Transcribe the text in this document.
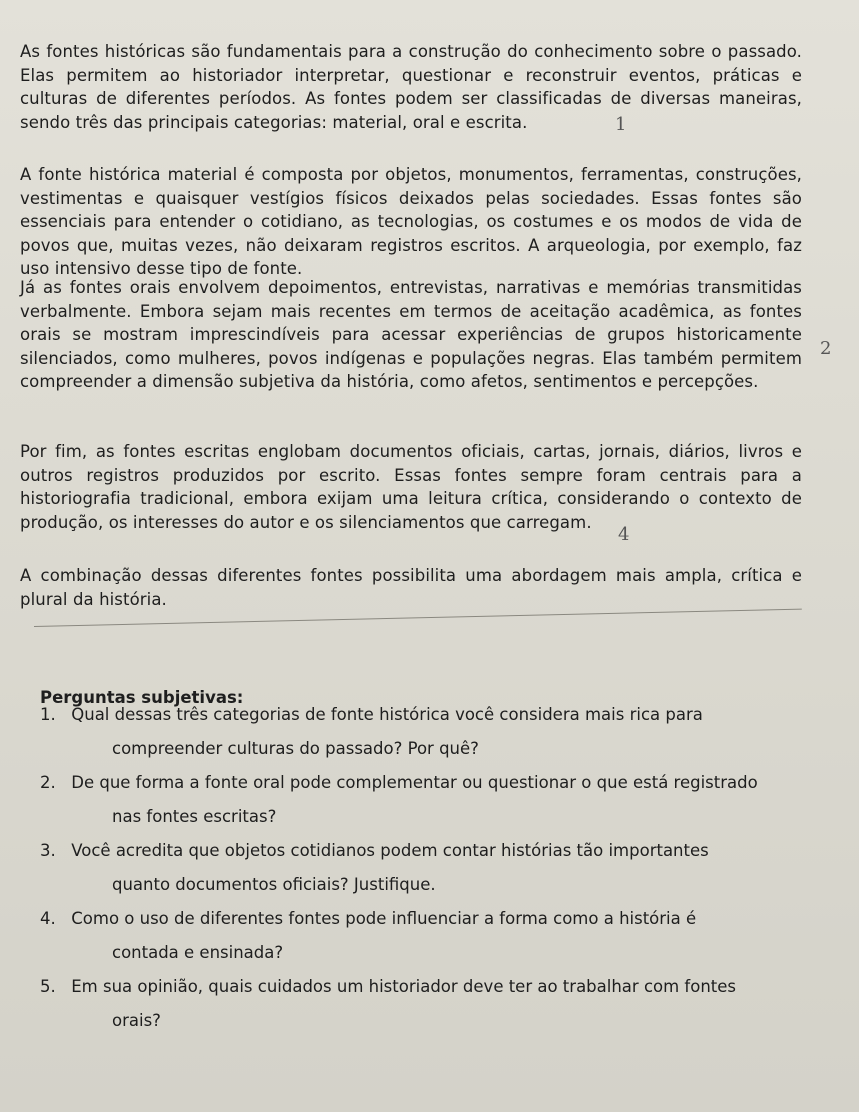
As fontes históricas são fundamentais para a construção do conhecimento sobre o passado. Elas permitem ao historiador interpretar, questionar e reconstruir eventos, práticas e culturas de diferentes períodos. As fontes podem ser classificadas de diversas maneiras, sendo três das principais categorias: material, oral e escrita.

A fonte histórica material é composta por objetos, monumentos, ferramentas, construções, vestimentas e quaisquer vestígios físicos deixados pelas sociedades. Essas fontes são essenciais para entender o cotidiano, as tecnologias, os costumes e os modos de vida de povos que, muitas vezes, não deixaram registros escritos. A arqueologia, por exemplo, faz uso intensivo desse tipo de fonte.

Já as fontes orais envolvem depoimentos, entrevistas, narrativas e memórias transmitidas verbalmente. Embora sejam mais recentes em termos de aceitação acadêmica, as fontes orais se mostram imprescindíveis para acessar experiências de grupos historicamente silenciados, como mulheres, povos indígenas e populações negras. Elas também permitem compreender a dimensão subjetiva da história, como afetos, sentimentos e percepções.

Por fim, as fontes escritas englobam documentos oficiais, cartas, jornais, diários, livros e outros registros produzidos por escrito. Essas fontes sempre foram centrais para a historiografia tradicional, embora exijam uma leitura crítica, considerando o contexto de produção, os interesses do autor e os silenciamentos que carregam.

A combinação dessas diferentes fontes possibilita uma abordagem mais ampla, crítica e plural da história.

Perguntas subjetivas:

1. Qual dessas três categorias de fonte histórica você considera mais rica para
compreender culturas do passado? Por quê?

2. De que forma a fonte oral pode complementar ou questionar o que está registrado
nas fontes escritas?

3. Você acredita que objetos cotidianos podem contar histórias tão importantes
quanto documentos oficiais? Justifique.

4. Como o uso de diferentes fontes pode influenciar a forma como a história é
contada e ensinada?

5. Em sua opinião, quais cuidados um historiador deve ter ao trabalhar com fontes
orais?

1
2
4
